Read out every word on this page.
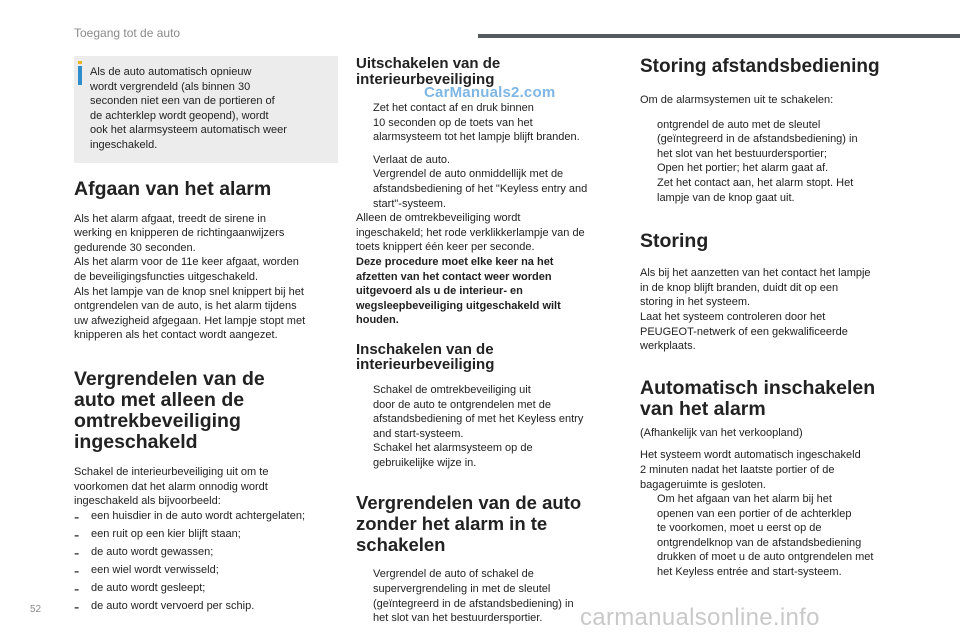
Toegang tot de auto

Als de auto automatisch opnieuw

wordt vergrendeld (als binnen 30

seconden niet een van de portieren of

de achterklep wordt geopend), wordt

ook het alarmsysteem automatisch weer

ingeschakeld.

Afgaan van het alarm

Als het alarm afgaat, treedt de sirene in

werking en knipperen de richtingaanwijzers

gedurende 30 seconden.

Als het alarm voor de 11e keer afgaat, worden

de beveiligingsfuncties uitgeschakeld.

Als het lampje van de knop snel knippert bij het

ontgrendelen van de auto, is het alarm tijdens

uw afwezigheid afgegaan. Het lampje stopt met

knipperen als het contact wordt aangezet.

Vergrendelen van de
auto met alleen de
omtrekbeveiliging
ingeschakeld

Schakel de interieurbeveiliging uit om te

voorkomen dat het alarm onnodig wordt

ingeschakeld als bijvoorbeeld:

-	een huisdier in de auto wordt achtergelaten;

-	een ruit op een kier blijft staan;

-	de auto wordt gewassen;

-	een wiel wordt verwisseld;

-	de auto wordt gesleept;

-	de auto wordt vervoerd per schip.

Uitschakelen van de
interieurbeveiliging

Zet het contact af en druk binnen

10 seconden op de toets van het

alarmsysteem tot het lampje blijft branden.

Verlaat de auto.

Vergrendel de auto onmiddellijk met de

afstandsbediening of het "Keyless entry and

start"-systeem.

Alleen de omtrekbeveiliging wordt

ingeschakeld; het rode verklikkerlampje van de

toets knippert één keer per seconde.

Deze procedure moet elke keer na het

afzetten van het contact weer worden

uitgevoerd als u de interieur- en

wegsleepbeveiliging uitgeschakeld wilt

houden.

Inschakelen van de
interieurbeveiliging

Schakel de omtrekbeveiliging uit

door de auto te ontgrendelen met de

afstandsbediening of met het Keyless entry

and start-systeem.

Schakel het alarmsysteem op de

gebruikelijke wijze in.

Vergrendelen van de auto
zonder het alarm in te
schakelen

Vergrendel de auto of schakel de

supervergrendeling in met de sleutel

(geïntegreerd in de afstandsbediening) in

het slot van het bestuurdersportier.

Storing afstandsbediening

Om de alarmsystemen uit te schakelen:

ontgrendel de auto met de sleutel

(geïntegreerd in de afstandsbediening) in

het slot van het bestuurdersportier;

Open het portier; het alarm gaat af.

Zet het contact aan, het alarm stopt. Het

lampje van de knop gaat uit.

Storing

Als bij het aanzetten van het contact het lampje

in de knop blijft branden, duidt dit op een

storing in het systeem.

Laat het systeem controleren door het

PEUGEOT-netwerk of een gekwalificeerde

werkplaats.

Automatisch inschakelen
van het alarm

(Afhankelijk van het verkoopland)

Het systeem wordt automatisch ingeschakeld

2 minuten nadat het laatste portier of de

bagageruimte is gesloten.

Om het afgaan van het alarm bij het

openen van een portier of de achterklep

te voorkomen, moet u eerst op de

ontgrendelknop van de afstandsbediening

drukken of moet u de auto ontgrendelen met

het Keyless entrée and start-systeem.

CarManuals2.com
52	carmanualsonline.info
